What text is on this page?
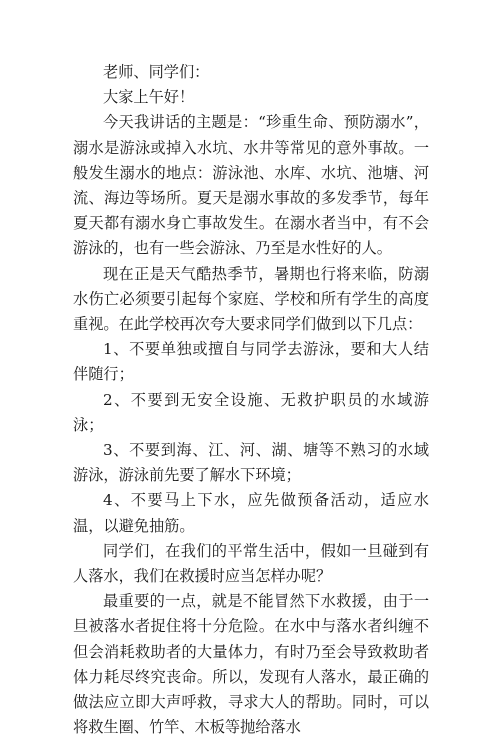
老师、同学们：

大家上午好！

今天我讲话的主题是：“珍重生命、预防溺水”，溺水是游泳或掉入水坑、水井等常见的意外事故。一般发生溺水的地点：游泳池、水库、水坑、池塘、河流、海边等场所。夏天是溺水事故的多发季节，每年夏天都有溺水身亡事故发生。在溺水者当中，有不会游泳的，也有一些会游泳、乃至是水性好的人。

现在正是天气酷热季节，暑期也行将来临，防溺水伤亡必须要引起每个家庭、学校和所有学生的高度重视。在此学校再次夸大要求同学们做到以下几点：

1、不要单独或擅自与同学去游泳，要和大人结伴随行；

2、不要到无安全设施、无救护职员的水域游泳；

3、不要到海、江、河、湖、塘等不熟习的水域游泳，游泳前先要了解水下环境；

4、不要马上下水，应先做预备活动，适应水温，以避免抽筋。

同学们，在我们的平常生活中，假如一旦碰到有人落水，我们在救援时应当怎样办呢？

最重要的一点，就是不能冒然下水救援，由于一旦被落水者捉住将十分危险。在水中与落水者纠缠不但会消耗救助者的大量体力，有时乃至会导致救助者体力耗尽终究丧命。所以，发现有人落水，最正确的做法应立即大声呼救，寻求大人的帮助。同时，可以将救生圈、竹竿、木板等抛给落水
